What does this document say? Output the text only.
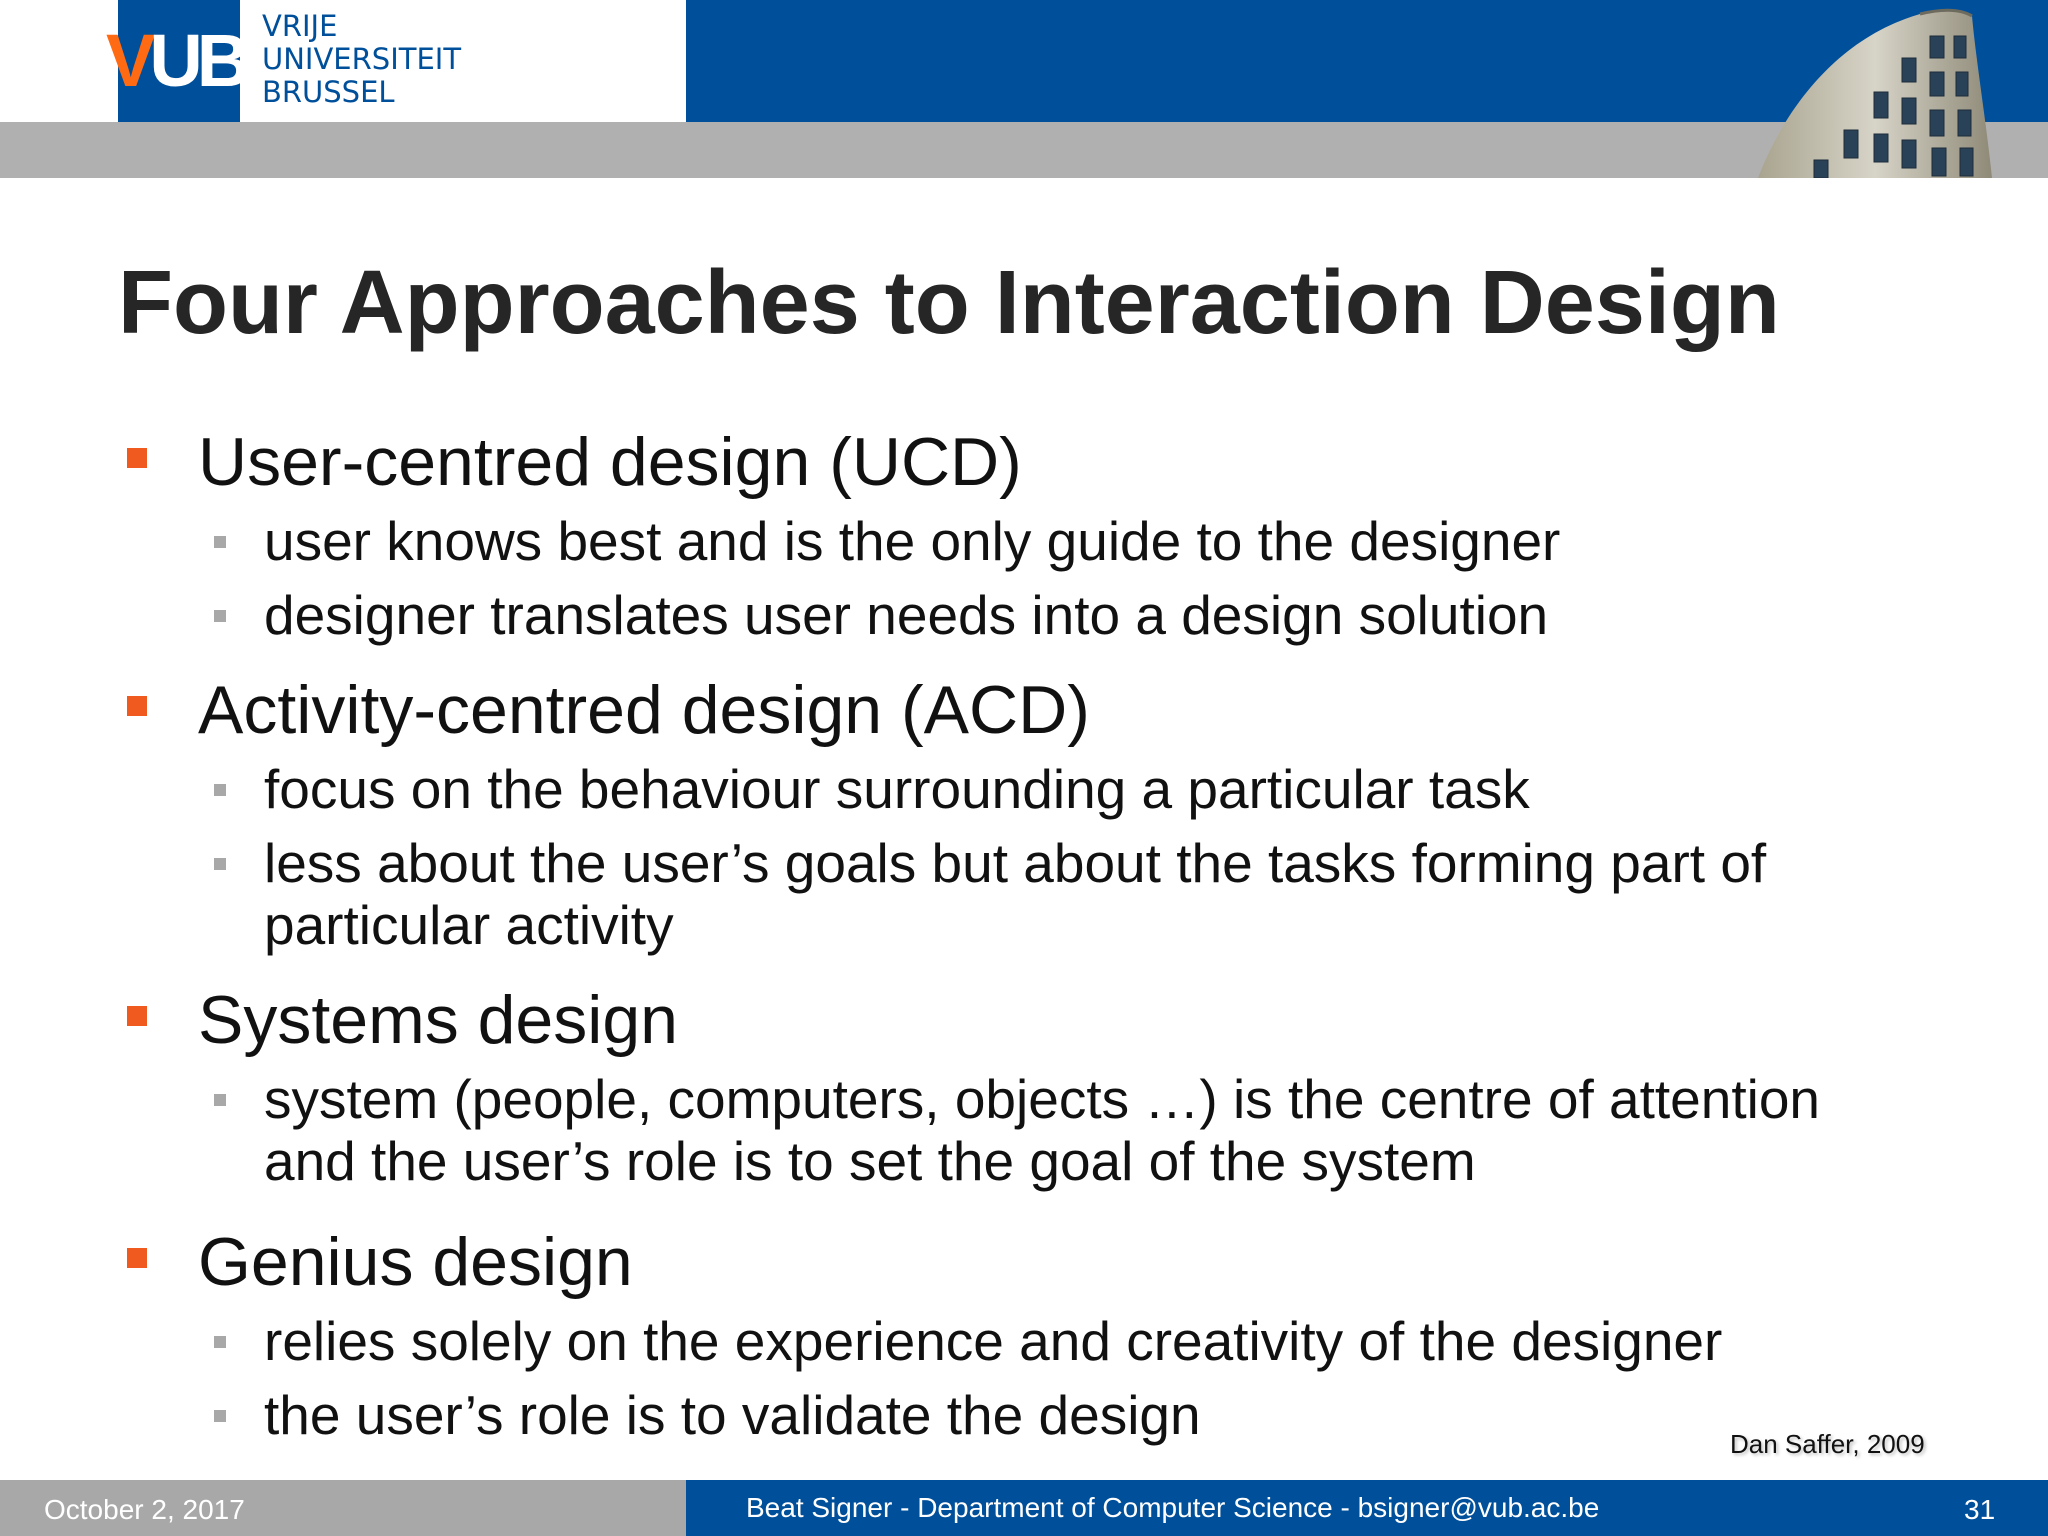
VUB VRIJE
UNIVERSITEIT
BRUSSEL
Four Approaches to Interaction Design
User-centred design (UCD)
user knows best and is the only guide to the designer
designer translates user needs into a design solution
Activity-centred design (ACD)
focus on the behaviour surrounding a particular task
less about the user’s goals but about the tasks forming part of
particular activity
Systems design
system (people, computers, objects …) is the centre of attention
and the user’s role is to set the goal of the system
Genius design
relies solely on the experience and creativity of the designer
the user’s role is to validate the design	Dan Saffer, 2009
October 2, 2017	Beat Signer - Department of Computer Science - bsigner@vub.ac.be	31
